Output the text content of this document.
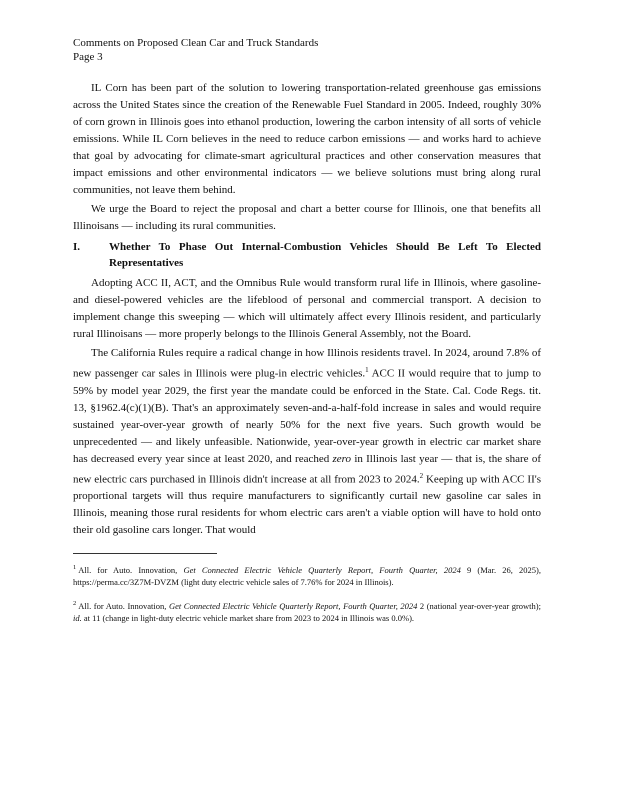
Comments on Proposed Clean Car and Truck Standards
Page 3

IL Corn has been part of the solution to lowering transportation-related greenhouse gas emissions across the United States since the creation of the Renewable Fuel Standard in 2005. Indeed, roughly 30% of corn grown in Illinois goes into ethanol production, lowering the carbon intensity of all sorts of vehicle emissions. While IL Corn believes in the need to reduce carbon emissions — and works hard to achieve that goal by advocating for climate-smart agricultural practices and other conservation measures that impact emissions and other environmental indicators — we believe solutions must bring along rural communities, not leave them behind.

We urge the Board to reject the proposal and chart a better course for Illinois, one that benefits all Illinoisans — including its rural communities.

I.	Whether To Phase Out Internal-Combustion Vehicles Should Be Left To Elected Representatives

Adopting ACC II, ACT, and the Omnibus Rule would transform rural life in Illinois, where gasoline- and diesel-powered vehicles are the lifeblood of personal and commercial transport. A decision to implement change this sweeping — which will ultimately affect every Illinois resident, and particularly rural Illinoisans — more properly belongs to the Illinois General Assembly, not the Board.

The California Rules require a radical change in how Illinois residents travel. In 2024, around 7.8% of new passenger car sales in Illinois were plug-in electric vehicles.$^1$ ACC II would require that to jump to 59% by model year 2029, the first year the mandate could be enforced in the State. Cal. Code Regs. tit. 13, §1962.4(c)(1)(B). That's an approximately seven-and-a-half-fold increase in sales and would require sustained year-over-year growth of nearly 50% for the next five years. Such growth would be unprecedented — and likely unfeasible. Nationwide, year-over-year growth in electric car market share has decreased every year since at least 2020, and reached zero in Illinois last year — that is, the share of new electric cars purchased in Illinois didn't increase at all from 2023 to 2024.$^2$ Keeping up with ACC II's proportional targets will thus require manufacturers to significantly curtail new gasoline car sales in Illinois, meaning those rural residents for whom electric cars aren't a viable option will have to hold onto their old gasoline cars longer. That would

$^1$ All. for Auto. Innovation, Get Connected Electric Vehicle Quarterly Report, Fourth Quarter, 2024 9 (Mar. 26, 2025), https://perma.cc/3Z7M-DVZM (light duty electric vehicle sales of 7.76% for 2024 in Illinois).

$^2$ All. for Auto. Innovation, Get Connected Electric Vehicle Quarterly Report, Fourth Quarter, 2024 2 (national year-over-year growth); id. at 11 (change in light-duty electric vehicle market share from 2023 to 2024 in Illinois was 0.0%).
